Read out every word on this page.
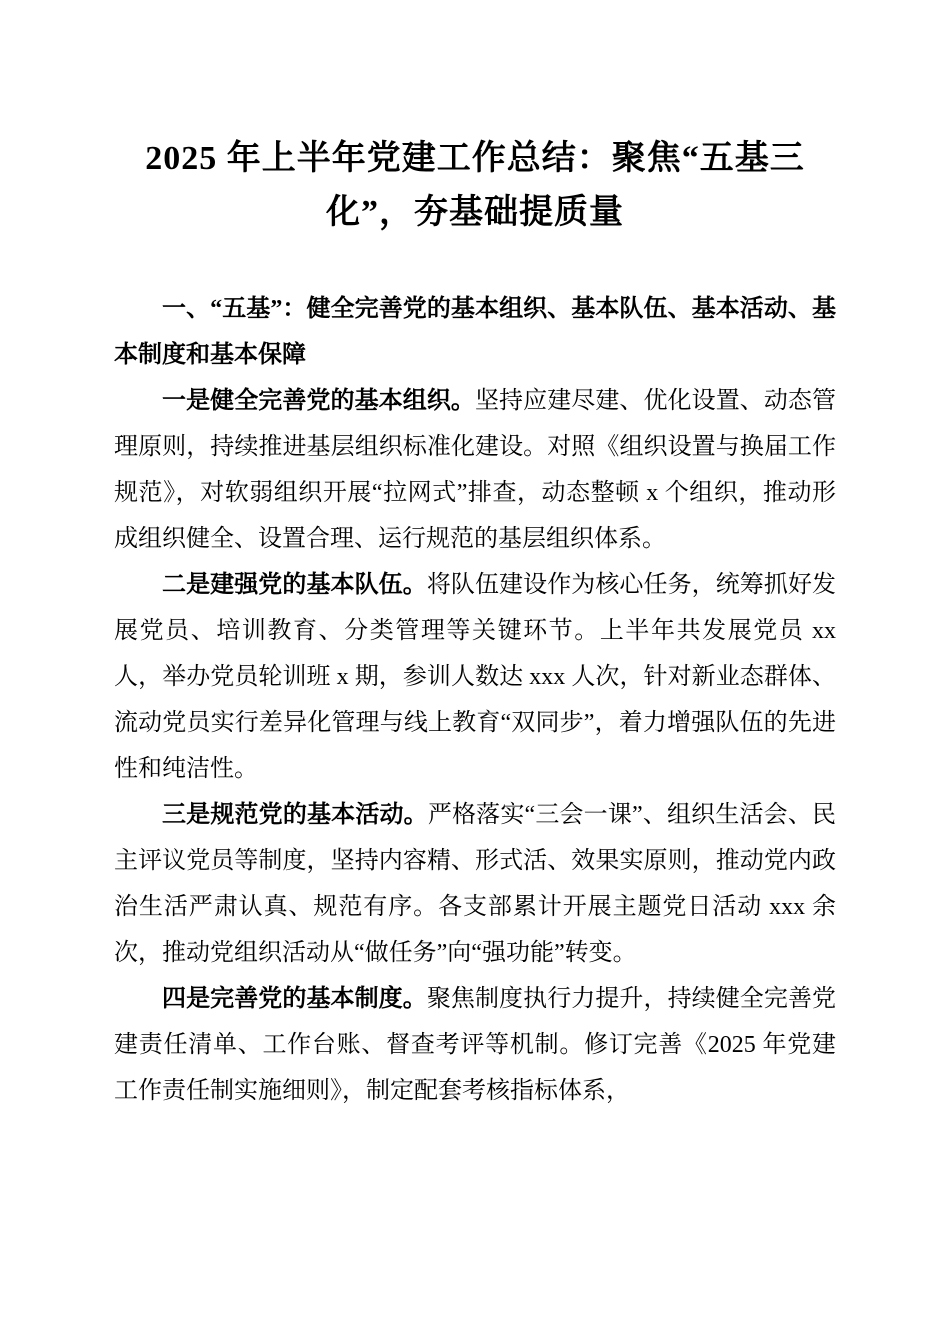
2025 年上半年党建工作总结：聚焦“五基三化”，夯基础提质量

一、“五基”：健全完善党的基本组织、基本队伍、基本活动、基本制度和基本保障

一是健全完善党的基本组织。坚持应建尽建、优化设置、动态管理原则，持续推进基层组织标准化建设。对照《组织设置与换届工作规范》，对软弱组织开展“拉网式”排查，动态整顿 x 个组织，推动形成组织健全、设置合理、运行规范的基层组织体系。

二是建强党的基本队伍。将队伍建设作为核心任务，统筹抓好发展党员、培训教育、分类管理等关键环节。上半年共发展党员 xx 人，举办党员轮训班 x 期，参训人数达 xxx 人次，针对新业态群体、流动党员实行差异化管理与线上教育“双同步”，着力增强队伍的先进性和纯洁性。

三是规范党的基本活动。严格落实“三会一课”、组织生活会、民主评议党员等制度，坚持内容精、形式活、效果实原则，推动党内政治生活严肃认真、规范有序。各支部累计开展主题党日活动 xxx 余次，推动党组织活动从“做任务”向“强功能”转变。

四是完善党的基本制度。聚焦制度执行力提升，持续健全完善党建责任清单、工作台账、督查考评等机制。修订完善《2025 年党建工作责任制实施细则》，制定配套考核指标体系，
